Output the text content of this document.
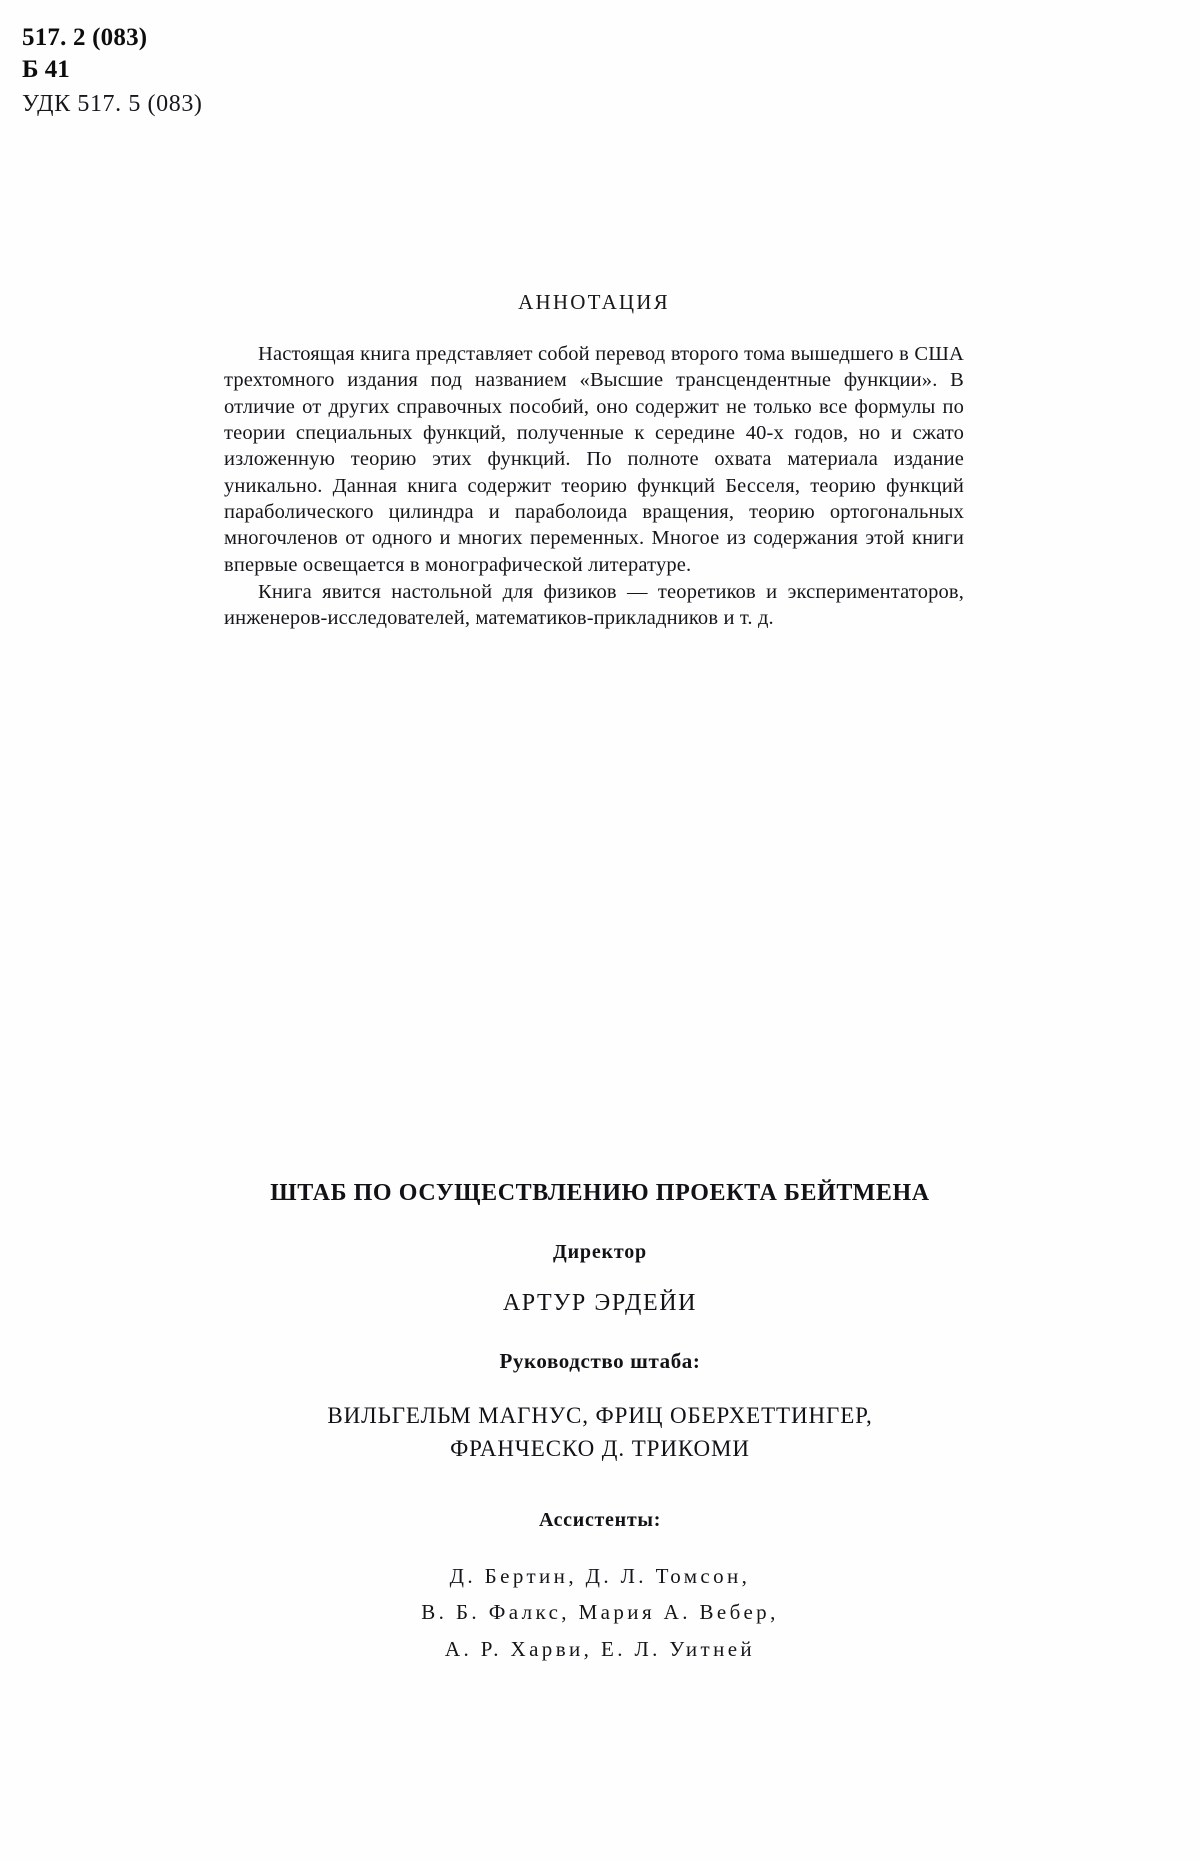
517. 2 (083)
Б 41
УДК 517. 5 (083)
АННОТАЦИЯ

Настоящая книга представляет собой перевод второго тома вышедшего в США трехтомного издания под названием «Высшие трансцендентные функции». В отличие от других справочных пособий, оно содержит не только все формулы по теории специальных функций, полученные к середине 40-х годов, но и сжато изложенную теорию этих функций. По полноте охвата материала издание уникально. Данная книга содержит теорию функций Бесселя, теорию функций параболического цилиндра и параболоида вращения, теорию ортогональных многочленов от одного и многих переменных. Многое из содержания этой книги впервые освещается в монографической литературе.

Книга явится настольной для физиков — теоретиков и экспериментаторов, инженеров-исследователей, математиков-прикладников и т. д.

ШТАБ ПО ОСУЩЕСТВЛЕНИЮ ПРОЕКТА БЕЙТМЕНА
Директор
АРТУР ЭРДЕЙИ
Руководство штаба:
ВИЛЬГЕЛЬМ МАГНУС, ФРИЦ ОБЕРХЕТТИНГЕР,
ФРАНЧЕСКО Д. ТРИКОМИ
Ассистенты:
Д. Бертин, Д. Л. Томсон,
В. Б. Фалкс, Мария А. Вебер,
А. Р. Харви, Е. Л. Уитней
